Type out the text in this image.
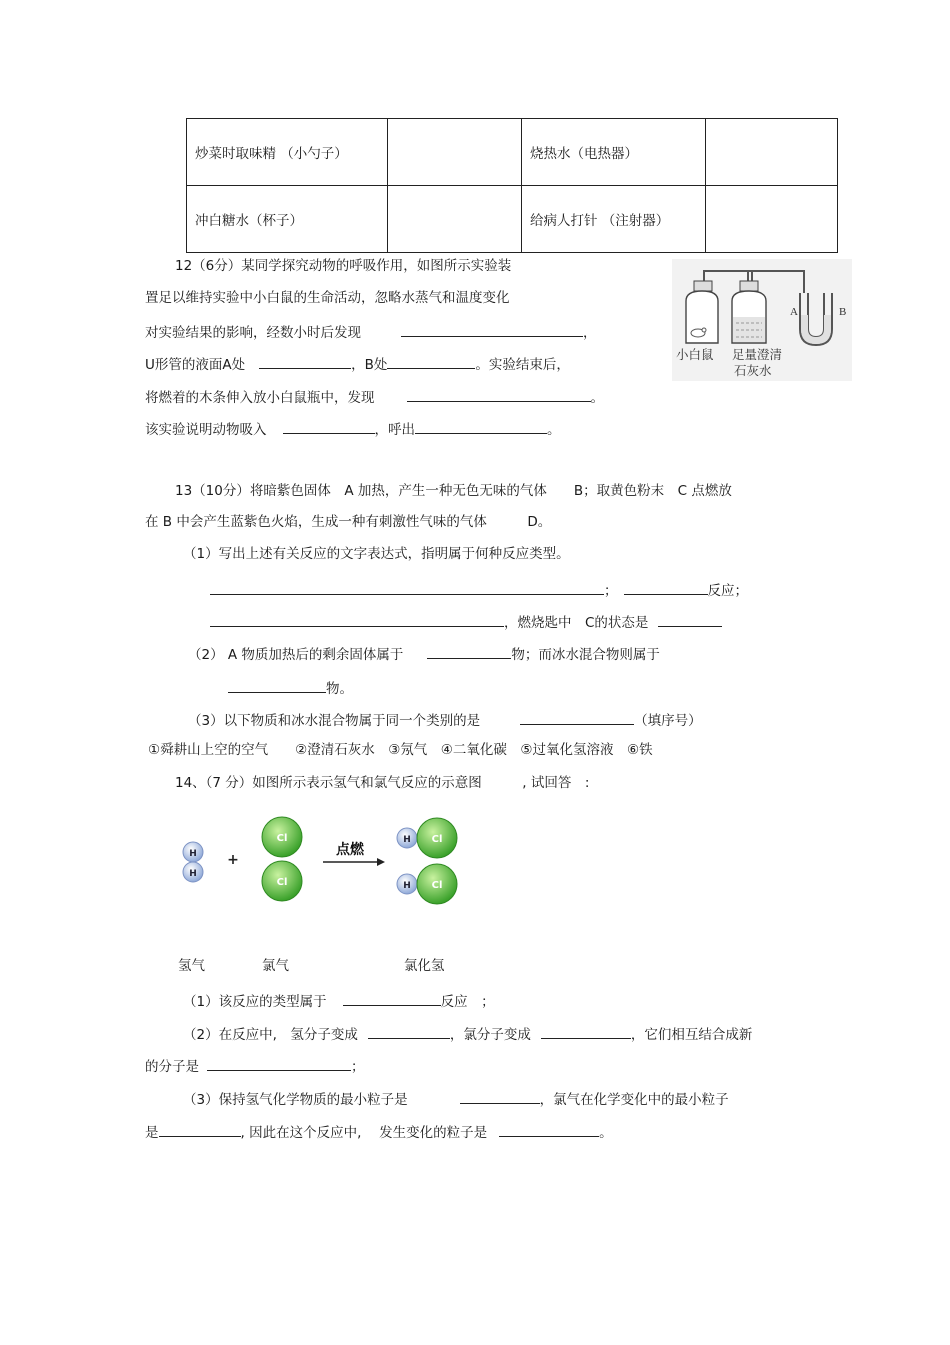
炒菜时取味精 （小勺子）		烧热水（电热器）	
冲白糖水（杯子）		给病人打针 （注射器）	
12（6分）某同学探究动物的呼吸作用，如图所示实验装
置足以维持实验中小白鼠的生命活动，忽略水蒸气和温度变化
对实验结果的影响，经数小时后发现	，
U形管的液面A处	，B处	。实验结束后，
将燃着的木条伸入放小白鼠瓶中，发现	。
该实验说明动物吸入	，呼出	。
A	B
小白鼠 足量澄清
石灰水
13（10分）将暗紫色固体　A 加热，产生一种无色无味的气体　　B；取黄色粉末　C 点燃放
在 B 中会产生蓝紫色火焰，生成一种有刺激性气味的气体　　　D。
（1）写出上述有关反应的文字表达式，指明属于何种反应类型。
；	反应；
，燃烧匙中　C的状态是
（2） A 物质加热后的剩余固体属于	物；而冰水混合物则属于
物。
（3）以下物质和冰水混合物属于同一个类别的是	（填序号）
①舜耕山上空的空气　　②澄清石灰水　③氖气　④二氧化碳　⑤过氧化氢溶液　⑥铁
14、（7 分）如图所示表示氢气和氯气反应的示意图　　　, 试回答　:
H
H
+
Cl
Cl
点燃
H Cl
H Cl
氢气	氯气	氯化氢
（1）该反应的类型属于	反应　；
（2）在反应中,　氢分子变成	，氯分子变成	，它们相互结合成新
的分子是	；
（3）保持氢气化学物质的最小粒子是	，氯气在化学变化中的最小粒子
是	, 因此在这个反应中,　 发生变化的粒子是	。
